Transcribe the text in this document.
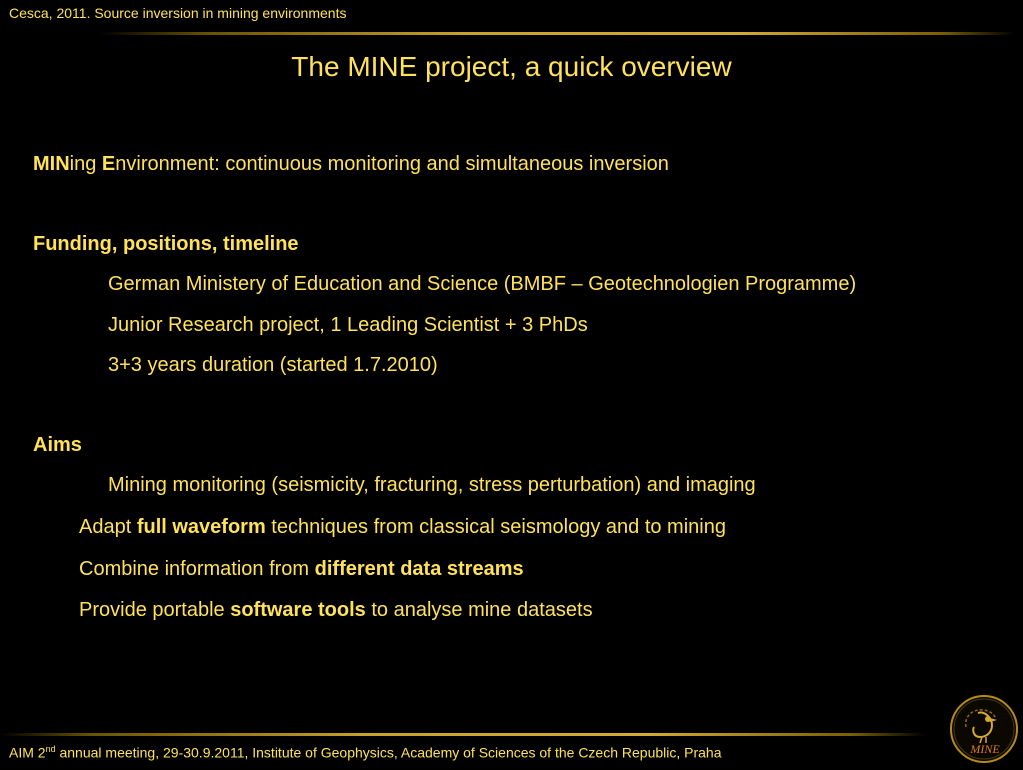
Cesca, 2011. Source inversion in mining environments
The MINE project, a quick overview
MINing Environment: continuous monitoring and simultaneous inversion
Funding, positions, timeline
German Ministery of Education and Science (BMBF – Geotechnologien Programme)
Junior Research project, 1 Leading Scientist + 3 PhDs
3+3 years duration (started 1.7.2010)
Aims
Mining monitoring (seismicity, fracturing, stress perturbation) and imaging
Adapt full waveform techniques from classical seismology and to mining
Combine information from different data streams
Provide portable software tools to analyse mine datasets
AIM 2nd annual meeting, 29-30.9.2011, Institute of Geophysics, Academy of Sciences of the Czech Republic, Praha	MINE
